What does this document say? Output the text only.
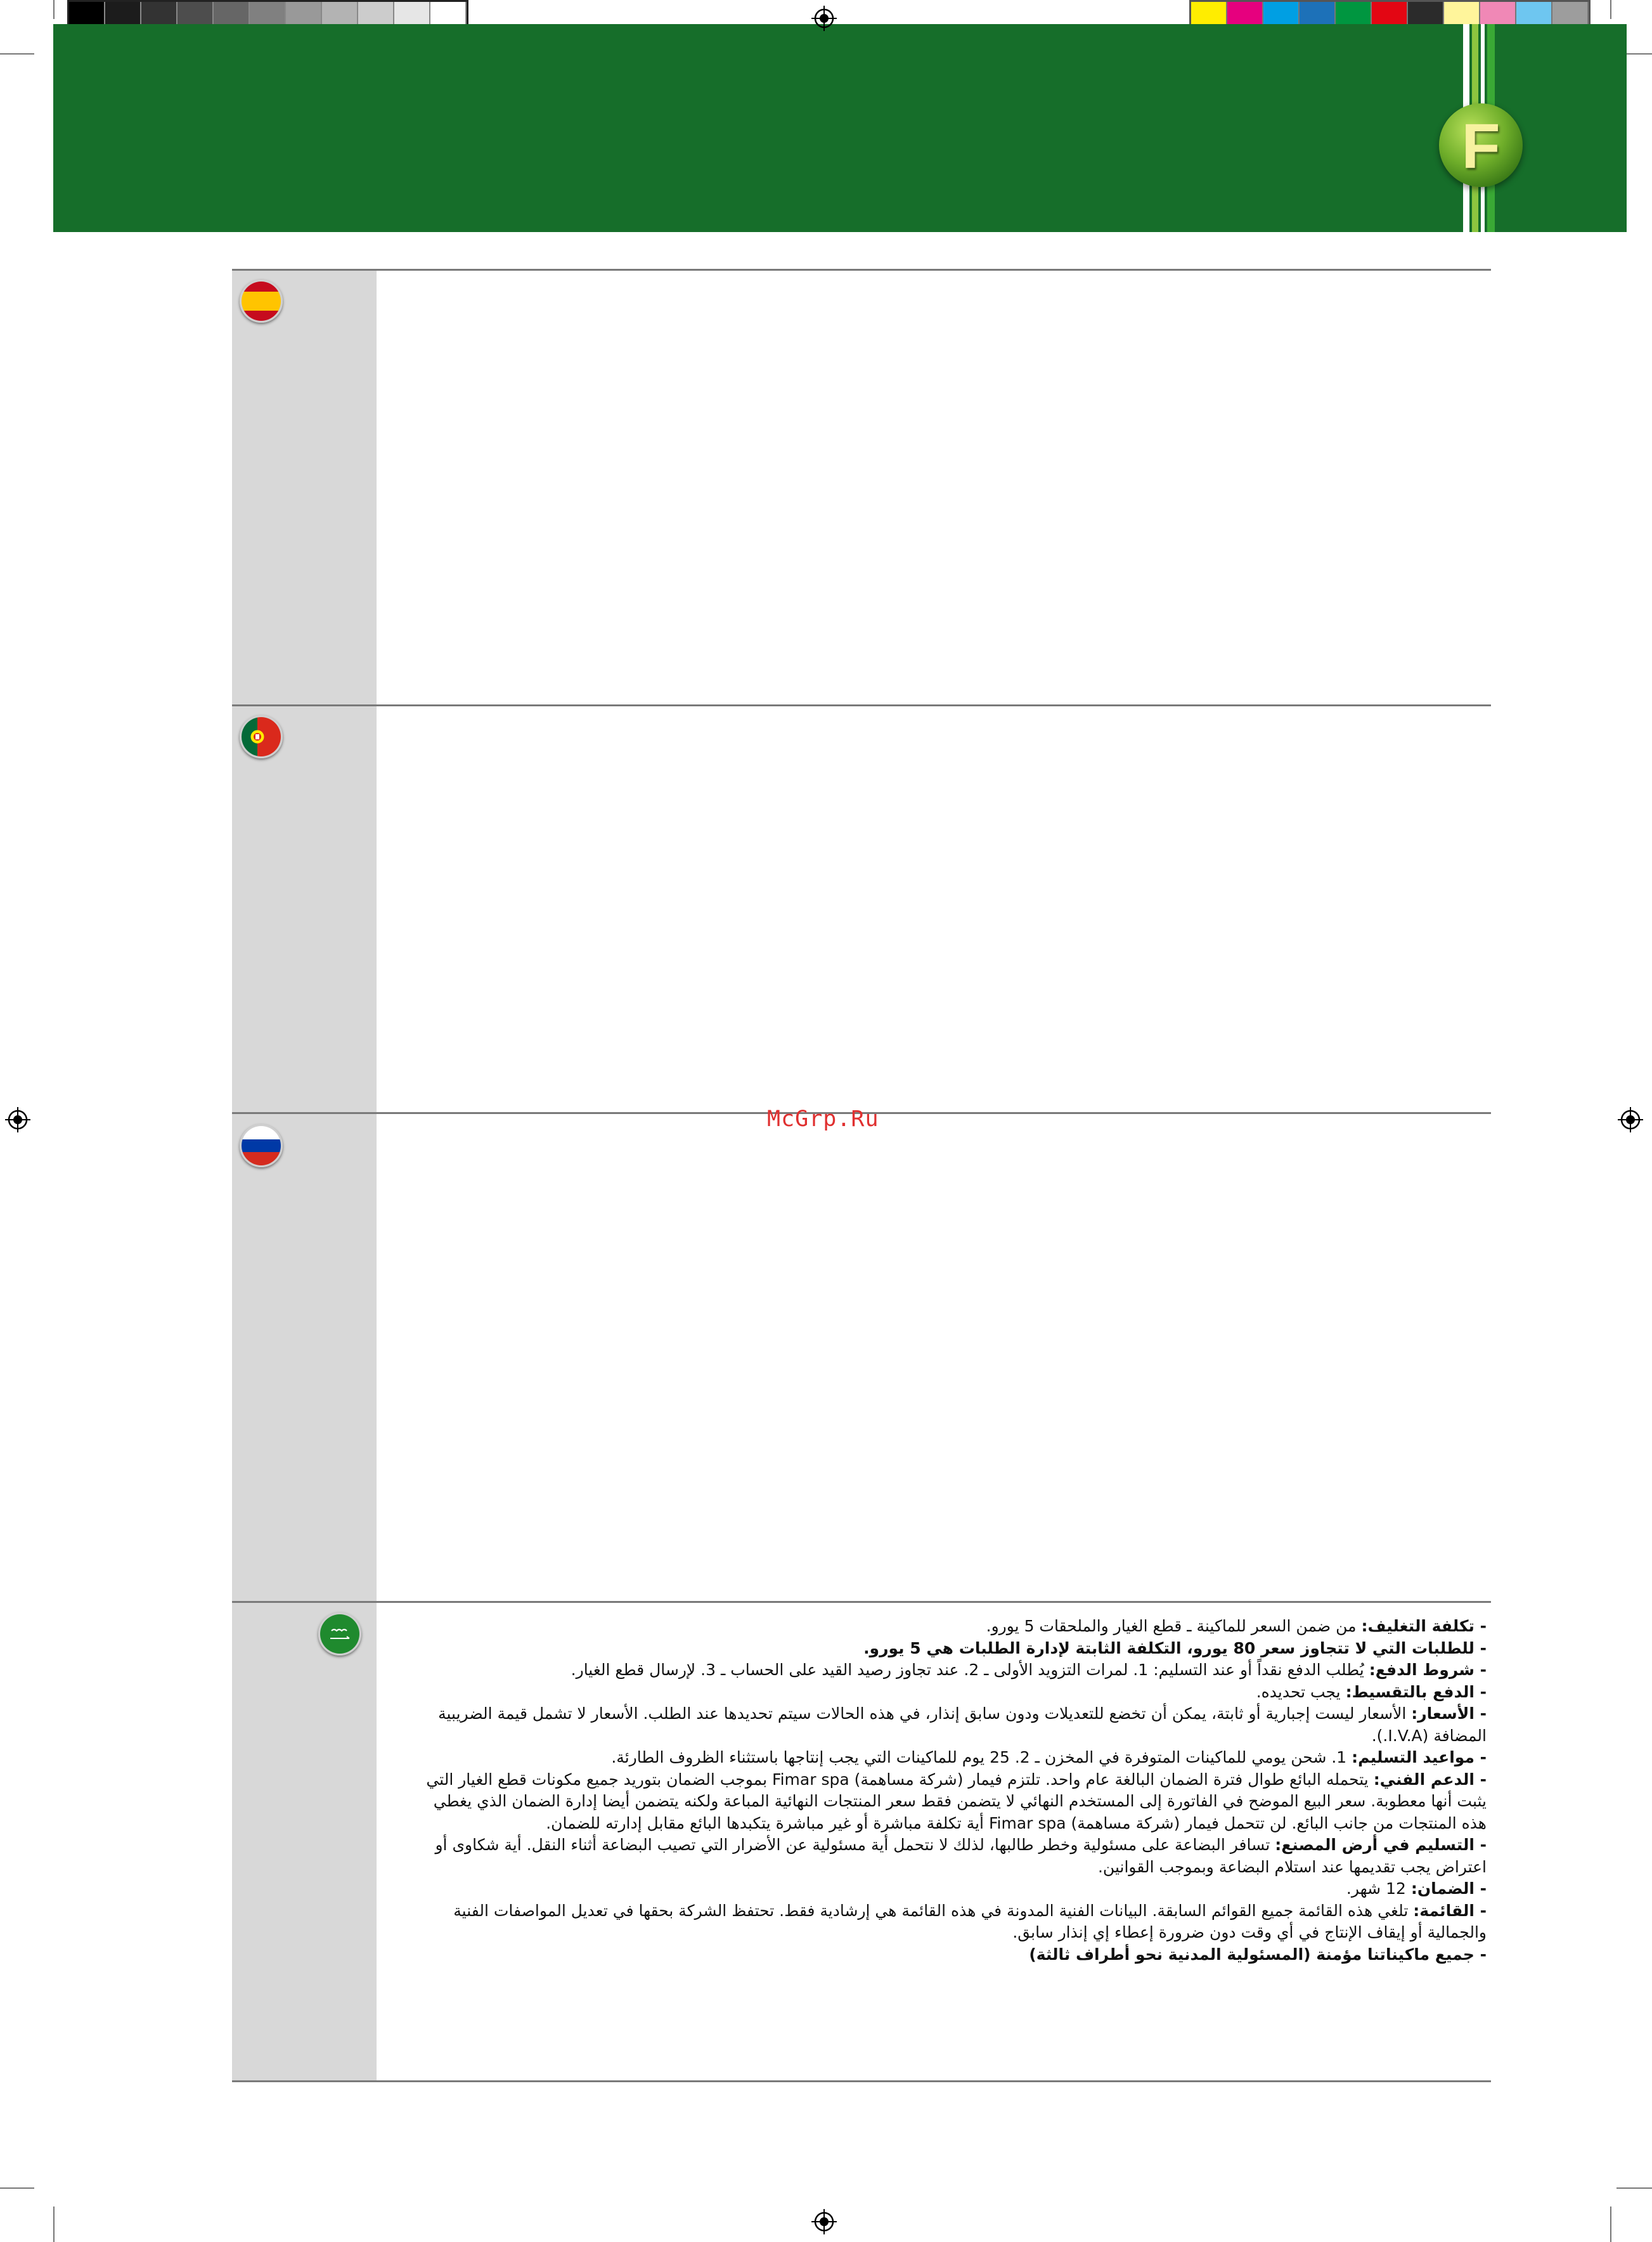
F
McGrp.Ru

- تكلفة التغليف: من ضمن السعر للماكينة ـ قطع الغيار والملحقات 5 يورو.

- للطلبات التي لا تتجاوز سعر 80 يورو، التكلفة الثابتة لإدارة الطلبات هي 5 يورو.

- شروط الدفع: يُطلب الدفع نقداً أو عند التسليم: 1. لمرات التزويد الأولى ـ 2. عند تجاوز رصيد القيد على الحساب ـ 3. لإرسال قطع الغيار.

- الدفع بالتقسيط: يجب تحديده.

- الأسعار: الأسعار ليست إجبارية أو ثابتة، يمكن أن تخضع للتعديلات ودون سابق إنذار، في هذه الحالات سيتم تحديدها عند الطلب. الأسعار لا تشمل قيمة الضريبية المضافة (I.V.A.).

- مواعيد التسليم: 1. شحن يومي للماكينات المتوفرة في المخزن ـ 2. 25 يوم للماكينات التي يجب إنتاجها باستثناء الظروف الطارئة.

- الدعم الفني: يتحمله البائع طوال فترة الضمان البالغة عام واحد. تلتزم فيمار (شركة مساهمة) Fimar spa بموجب الضمان بتوريد جميع مكونات قطع الغيار التي يثبت أنها معطوبة. سعر البيع الموضح في الفاتورة إلى المستخدم النهائي لا يتضمن فقط سعر المنتجات النهائية المباعة ولكنه يتضمن أيضا إدارة الضمان الذي يغطي هذه المنتجات من جانب البائع. لن تتحمل فيمار (شركة مساهمة) Fimar spa أية تكلفة مباشرة أو غير مباشرة يتكبدها البائع مقابل إدارته للضمان.

- التسليم في أرض المصنع: تسافر البضاعة على مسئولية وخطر طالبها، لذلك لا نتحمل أية مسئولية عن الأضرار التي تصيب البضاعة أثناء النقل. أية شكاوى أو اعتراض يجب تقديمها عند استلام البضاعة وبموجب القوانين.

- الضمان: 12 شهر.

- القائمة: تلغي هذه القائمة جميع القوائم السابقة. البيانات الفنية المدونة في هذه القائمة هي إرشادية فقط. تحتفظ الشركة بحقها في تعديل المواصفات الفنية والجمالية أو إيقاف الإنتاج في أي وقت دون ضرورة إعطاء إي إنذار سابق.

- جميع ماكيناتنا مؤمنة (المسئولية المدنية نحو أطراف ثالثة)
